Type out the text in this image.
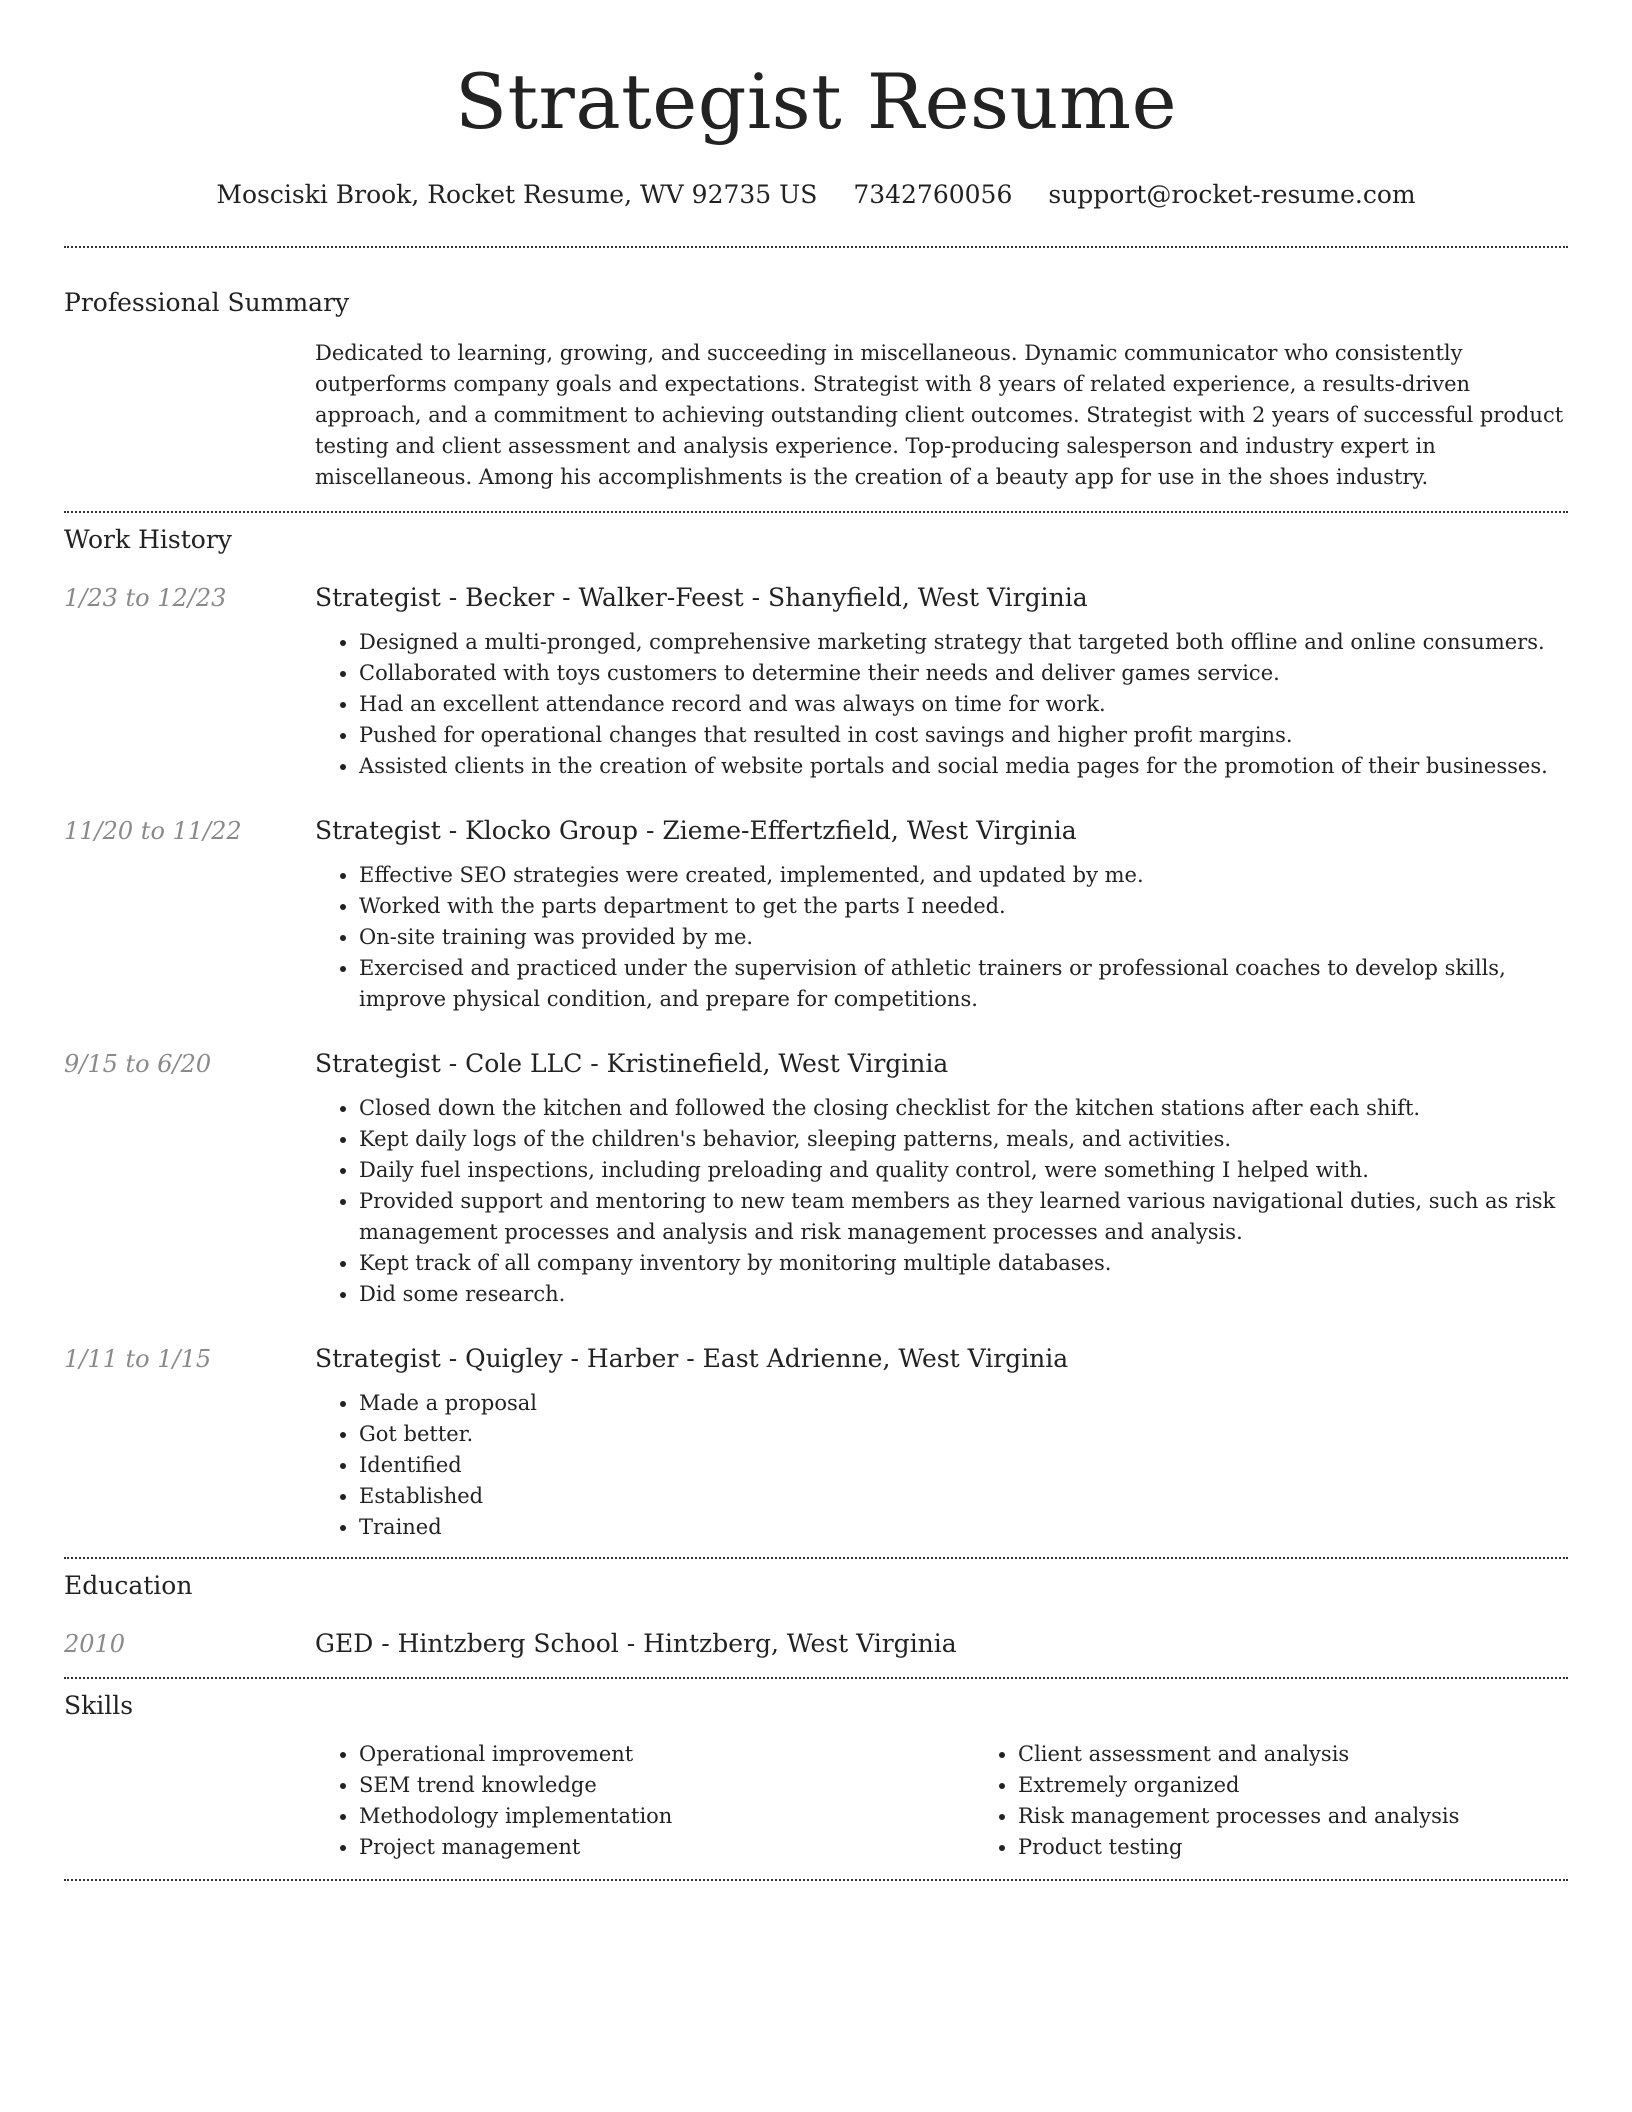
Strategist Resume
Mosciski Brook, Rocket Resume, WV 92735 US 7342760056 support@rocket-resume.com
Professional Summary

Dedicated to learning, growing, and succeeding in miscellaneous. Dynamic communicator who consistently outperforms company goals and expectations. Strategist with 8 years of related experience, a results-driven approach, and a commitment to achieving outstanding client outcomes. Strategist with 2 years of successful product testing and client assessment and analysis experience. Top-producing salesperson and industry expert in miscellaneous. Among his accomplishments is the creation of a beauty app for use in the shoes industry.

Work History
1/23 to 12/23	Strategist - Becker - Walker-Feest - Shanyfield, West Virginia
• Designed a multi-pronged, comprehensive marketing strategy that targeted both offline and online consumers.
• Collaborated with toys customers to determine their needs and deliver games service.
• Had an excellent attendance record and was always on time for work.
• Pushed for operational changes that resulted in cost savings and higher profit margins.
• Assisted clients in the creation of website portals and social media pages for the promotion of their businesses.
11/20 to 11/22	Strategist - Klocko Group - Zieme-Effertzfield, West Virginia
• Effective SEO strategies were created, implemented, and updated by me.
• Worked with the parts department to get the parts I needed.
• On-site training was provided by me.
• Exercised and practiced under the supervision of athletic trainers or professional coaches to develop skills, improve physical condition, and prepare for competitions.
9/15 to 6/20	Strategist - Cole LLC - Kristinefield, West Virginia
• Closed down the kitchen and followed the closing checklist for the kitchen stations after each shift.
• Kept daily logs of the children's behavior, sleeping patterns, meals, and activities.
• Daily fuel inspections, including preloading and quality control, were something I helped with.
• Provided support and mentoring to new team members as they learned various navigational duties, such as risk management processes and analysis and risk management processes and analysis.
• Kept track of all company inventory by monitoring multiple databases.
• Did some research.
1/11 to 1/15	Strategist - Quigley - Harber - East Adrienne, West Virginia
• Made a proposal
• Got better.
• Identified
• Established
• Trained
Education
2010	GED - Hintzberg School - Hintzberg, West Virginia
Skills
• Operational improvement
• SEM trend knowledge
• Methodology implementation
• Project management
• Client assessment and analysis
• Extremely organized
• Risk management processes and analysis
• Product testing
